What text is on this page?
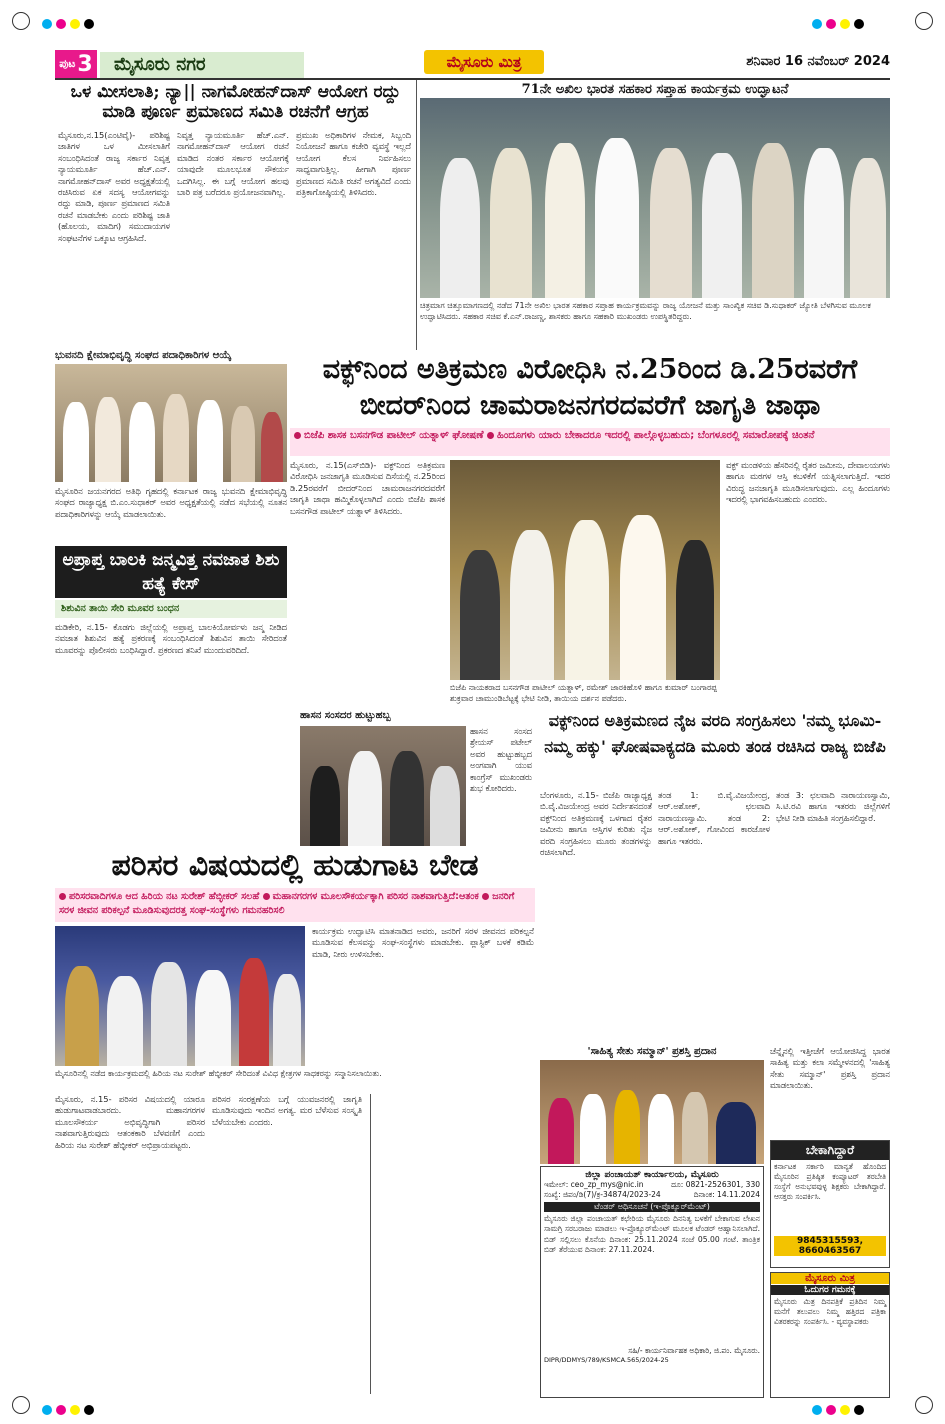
ಪುಟ 3	ಮೈಸೂರು ನಗರ	ಮೈಸೂರು ಮಿತ್ರ	ಶನಿವಾರ 16 ನವೆಂಬರ್ 2024
ಒಳ ಮೀಸಲಾತಿ; ನ್ಯಾ|| ನಾಗಮೋಹನ್‌ದಾಸ್ ಆಯೋಗ ರದ್ದು ಮಾಡಿ ಪೂರ್ಣ ಪ್ರಮಾಣದ ಸಮಿತಿ ರಚನೆಗೆ ಆಗ್ರಹ
ಮೈಸೂರು,ನ.15(ಎಂಟಿವೈ)- ಪರಿಶಿಷ್ಟ ಜಾತಿಗಳ ಒಳ ಮೀಸಲಾತಿಗೆ ಸಂಬಂಧಿಸಿದಂತೆ ರಾಜ್ಯ ಸರ್ಕಾರ ನಿವೃತ್ತ ನ್ಯಾಯಮೂರ್ತಿ ಹೆಚ್.ಎನ್. ನಾಗಮೋಹನ್‌ದಾಸ್ ಅವರ ಅಧ್ಯಕ್ಷತೆಯಲ್ಲಿ ರಚಿಸಿರುವ ಏಕ ಸದಸ್ಯ ಆಯೋಗವನ್ನು ರದ್ದು ಮಾಡಿ, ಪೂರ್ಣ ಪ್ರಮಾಣದ ಸಮಿತಿ ರಚನೆ ಮಾಡಬೇಕು ಎಂದು ಪರಿಶಿಷ್ಟ ಜಾತಿ (ಹೊಲಯ, ಮಾದಿಗ) ಸಮುದಾಯಗಳ ಸಂಘಟನೆಗಳ ಒಕ್ಕೂಟ ಆಗ್ರಹಿಸಿದೆ.
ನಿವೃತ್ತ ನ್ಯಾಯಮೂರ್ತಿ ಹೆಚ್.ಎನ್. ನಾಗಮೋಹನ್‌ದಾಸ್ ಆಯೋಗ ರಚನೆ ಮಾಡಿದ ನಂತರ ಸರ್ಕಾರ ಆಯೋಗಕ್ಕೆ ಯಾವುದೇ ಮೂಲಭೂತ ಸೌಕರ್ಯ ಒದಗಿಸಿಲ್ಲ. ಈ ಬಗ್ಗೆ ಆಯೋಗ ಹಲವು ಬಾರಿ ಪತ್ರ ಬರೆದರೂ ಪ್ರಯೋಜನವಾಗಿಲ್ಲ.
ಪ್ರಮುಖ ಅಧಿಕಾರಿಗಳ ನೇಮಕ, ಸಿಬ್ಬಂದಿ ನಿಯೋಜನೆ ಹಾಗೂ ಕಚೇರಿ ವ್ಯವಸ್ಥೆ ಇಲ್ಲದೆ ಆಯೋಗ ಕೆಲಸ ನಿರ್ವಹಿಸಲು ಸಾಧ್ಯವಾಗುತ್ತಿಲ್ಲ. ಹೀಗಾಗಿ ಪೂರ್ಣ ಪ್ರಮಾಣದ ಸಮಿತಿ ರಚನೆ ಅಗತ್ಯವಿದೆ ಎಂದು ಪತ್ರಿಕಾಗೋಷ್ಠಿಯಲ್ಲಿ ತಿಳಿಸಿದರು.
71ನೇ ಅಖಿಲ ಭಾರತ ಸಹಕಾರ ಸಪ್ತಾಹ ಕಾರ್ಯಕ್ರಮ ಉದ್ಘಾಟನೆ
ಚಿತ್ರಮಾಗ ಚಿತ್ತೂಮಾಗಣದಲ್ಲಿ ನಡೆದ 71ನೇ ಅಖಿಲ ಭಾರತ ಸಹಕಾರ ಸಪ್ತಾಹ ಕಾರ್ಯಕ್ರಮವನ್ನು ರಾಜ್ಯ ಯೋಜನೆ ಮತ್ತು ಸಾಂಖ್ಯಿಕ ಸಚಿವ ಡಿ.ಸುಧಾಕರ್ ಜ್ಯೋತಿ ಬೆಳಗಿಸುವ ಮೂಲಕ ಉದ್ಘಾಟಿಸಿದರು. ಸಹಕಾರ ಸಚಿವ ಕೆ.ಎನ್.ರಾಜಣ್ಣ, ಶಾಸಕರು ಹಾಗೂ ಸಹಕಾರಿ ಮುಖಂಡರು ಉಪಸ್ಥಿತರಿದ್ದರು.
ಭುವನದಿ ಕ್ಷೇಮಾಭಿವೃದ್ಧಿ ಸಂಘದ ಪದಾಧಿಕಾರಿಗಳ ಆಯ್ಕೆ
ಮೈಸೂರಿನ ಜಯನಗರದ ಅತಿಥಿ ಗೃಹದಲ್ಲಿ ಕರ್ನಾಟಕ ರಾಜ್ಯ ಭುವನದಿ ಕ್ಷೇಮಾಭಿವೃದ್ಧಿ ಸಂಘದ ರಾಜ್ಯಾಧ್ಯಕ್ಷ ಬಿ.ಎಂ.ಸುಧಾಕರ್ ಅವರ ಅಧ್ಯಕ್ಷತೆಯಲ್ಲಿ ನಡೆದ ಸಭೆಯಲ್ಲಿ ನೂತನ ಪದಾಧಿಕಾರಿಗಳನ್ನು ಆಯ್ಕೆ ಮಾಡಲಾಯಿತು.
ವಕ್ಫ್‌ನಿಂದ ಅತಿಕ್ರಮಣ ವಿರೋಧಿಸಿ ನ.25ರಿಂದ ಡಿ.25ರವರೆಗೆ ಬೀದರ್‌ನಿಂದ ಚಾಮರಾಜನಗರದವರೆಗೆ ಜಾಗೃತಿ ಜಾಥಾ
ಬಿಜೆಪಿ ಶಾಸಕ ಬಸನಗೌಡ ಪಾಟೀಲ್ ಯತ್ನಾಳ್ ಘೋಷಣೆ ಹಿಂದೂಗಳು ಯಾರು ಬೇಕಾದರೂ ಇದರಲ್ಲಿ ಪಾಲ್ಗೊಳ್ಳಬಹುದು; ಬೆಂಗಳೂರಲ್ಲಿ ಸಮಾರೋಪಕ್ಕೆ ಚಿಂತನೆ
ಮೈಸೂರು, ನ.15(ಎಸ್‌ಬಿಡಿ)- ವಕ್ಫ್‌ನಿಂದ ಅತಿಕ್ರಮಣ ವಿರೋಧಿಸಿ ಜನಜಾಗೃತಿ ಮೂಡಿಸುವ ದಿಸೆಯಲ್ಲಿ ನ.25ರಿಂದ ಡಿ.25ರವರೆಗೆ ಬೀದರ್‌ನಿಂದ ಚಾಮರಾಜನಗರದವರೆಗೆ ಜಾಗೃತಿ ಜಾಥಾ ಹಮ್ಮಿಕೊಳ್ಳಲಾಗಿದೆ ಎಂದು ಬಿಜೆಪಿ ಶಾಸಕ ಬಸನಗೌಡ ಪಾಟೀಲ್ ಯತ್ನಾಳ್ ತಿಳಿಸಿದರು.
ಬಿಜೆಪಿ ನಾಯಕರಾದ ಬಸನಗೌಡ ಪಾಟೀಲ್ ಯತ್ನಾಳ್, ರಮೇಶ್ ಜಾರಕಿಹೊಳಿ ಹಾಗೂ ಕುಮಾರ್ ಬಂಗಾರಪ್ಪ ಶುಕ್ರವಾರ ಚಾಮುಂಡಿಬೆಟ್ಟಕ್ಕೆ ಭೇಟಿ ನೀಡಿ, ತಾಯಿಯ ದರ್ಶನ ಪಡೆದರು.
ವಕ್ಫ್ ಮಂಡಳಿಯ ಹೆಸರಿನಲ್ಲಿ ರೈತರ ಜಮೀನು, ದೇವಾಲಯಗಳು ಹಾಗೂ ಮಠಗಳ ಆಸ್ತಿ ಕಬಳಿಕೆಗೆ ಯತ್ನಿಸಲಾಗುತ್ತಿದೆ. ಇದರ ವಿರುದ್ಧ ಜನಜಾಗೃತಿ ಮೂಡಿಸಲಾಗುವುದು. ಎಲ್ಲ ಹಿಂದೂಗಳು ಇದರಲ್ಲಿ ಭಾಗವಹಿಸಬಹುದು ಎಂದರು.
ಅಪ್ರಾಪ್ತ ಬಾಲಕಿ ಜನ್ಮವಿತ್ತ ನವಜಾತ ಶಿಶು ಹತ್ಯೆ ಕೇಸ್
ಶಿಶುವಿನ ತಾಯಿ ಸೇರಿ ಮೂವರ ಬಂಧನ
ಮಡಿಕೇರಿ, ನ.15- ಕೊಡಗು ಜಿಲ್ಲೆಯಲ್ಲಿ ಅಪ್ರಾಪ್ತ ಬಾಲಕಿಯೋರ್ವಳು ಜನ್ಮ ನೀಡಿದ ನವಜಾತ ಶಿಶುವಿನ ಹತ್ಯೆ ಪ್ರಕರಣಕ್ಕೆ ಸಂಬಂಧಿಸಿದಂತೆ ಶಿಶುವಿನ ತಾಯಿ ಸೇರಿದಂತೆ ಮೂವರನ್ನು ಪೊಲೀಸರು ಬಂಧಿಸಿದ್ದಾರೆ. ಪ್ರಕರಣದ ತನಿಖೆ ಮುಂದುವರಿದಿದೆ.
ಹಾಸನ ಸಂಸದರ ಹುಟ್ಟುಹಬ್ಬ
ಹಾಸನ ಸಂಸದ ಶ್ರೇಯಸ್ ಪಟೇಲ್ ಅವರ ಹುಟ್ಟುಹಬ್ಬದ ಅಂಗವಾಗಿ ಯುವ ಕಾಂಗ್ರೆಸ್ ಮುಖಂಡರು ಶುಭ ಕೋರಿದರು.
ವಕ್ಫ್‌ನಿಂದ ಅತಿಕ್ರಮಣದ ನೈಜ ವರದಿ ಸಂಗ್ರಹಿಸಲು 'ನಮ್ಮ ಭೂಮಿ- ನಮ್ಮ ಹಕ್ಕು' ಘೋಷವಾಕ್ಯದಡಿ ಮೂರು ತಂಡ ರಚಿಸಿದ ರಾಜ್ಯ ಬಿಜೆಪಿ
ಬೆಂಗಳೂರು, ನ.15- ಬಿಜೆಪಿ ರಾಜ್ಯಾಧ್ಯಕ್ಷ ಬಿ.ವೈ.ವಿಜಯೇಂದ್ರ ಅವರ ನಿರ್ದೇಶನದಂತೆ ವಕ್ಫ್‌ನಿಂದ ಅತಿಕ್ರಮಣಕ್ಕೆ ಒಳಗಾದ ರೈತರ ಜಮೀನು ಹಾಗೂ ಆಸ್ತಿಗಳ ಕುರಿತು ನೈಜ ವರದಿ ಸಂಗ್ರಹಿಸಲು ಮೂರು ತಂಡಗಳನ್ನು ರಚಿಸಲಾಗಿದೆ.
ತಂಡ 1: ಬಿ.ವೈ.ವಿಜಯೇಂದ್ರ, ಆರ್.ಅಶೋಕ್, ಛಲವಾದಿ ನಾರಾಯಣಸ್ವಾಮಿ. ತಂಡ 2: ಆರ್.ಅಶೋಕ್, ಗೋವಿಂದ ಕಾರಜೋಳ ಹಾಗೂ ಇತರರು.
ತಂಡ 3: ಛಲವಾದಿ ನಾರಾಯಣಸ್ವಾಮಿ, ಸಿ.ಟಿ.ರವಿ ಹಾಗೂ ಇತರರು ಜಿಲ್ಲೆಗಳಿಗೆ ಭೇಟಿ ನೀಡಿ ಮಾಹಿತಿ ಸಂಗ್ರಹಿಸಲಿದ್ದಾರೆ.
ಪರಿಸರ ವಿಷಯದಲ್ಲಿ ಹುಡುಗಾಟ ಬೇಡ
ಪರಿಸರವಾದಿಗಳೂ ಆದ ಹಿರಿಯ ನಟ ಸುರೇಶ್ ಹೆಬ್ಳೀಕರ್ ಸಲಹೆ ಮಹಾನಗರಗಳ ಮೂಲಸೌಕರ್ಯಕ್ಕಾಗಿ ಪರಿಸರ ನಾಶವಾಗುತ್ತಿದೆ:ಆತಂಕ ಜನರಿಗೆ ಸರಳ ಜೀವನ ಪರಿಕಲ್ಪನೆ ಮೂಡಿಸುವುದರತ್ತ ಸಂಘ-ಸಂಸ್ಥೆಗಳು ಗಮನಹರಿಸಲಿ
ಕಾರ್ಯಕ್ರಮ ಉದ್ಘಾಟಿಸಿ ಮಾತನಾಡಿದ ಅವರು, ಜನರಿಗೆ ಸರಳ ಜೀವನದ ಪರಿಕಲ್ಪನೆ ಮೂಡಿಸುವ ಕೆಲಸವನ್ನು ಸಂಘ-ಸಂಸ್ಥೆಗಳು ಮಾಡಬೇಕು. ಪ್ಲಾಸ್ಟಿಕ್ ಬಳಕೆ ಕಡಿಮೆ ಮಾಡಿ, ನೀರು ಉಳಿಸಬೇಕು.
ಮೈಸೂರಿನಲ್ಲಿ ನಡೆದ ಕಾರ್ಯಕ್ರಮದಲ್ಲಿ ಹಿರಿಯ ನಟ ಸುರೇಶ್ ಹೆಬ್ಳೀಕರ್ ಸೇರಿದಂತೆ ವಿವಿಧ ಕ್ಷೇತ್ರಗಳ ಸಾಧಕರನ್ನು ಸನ್ಮಾನಿಸಲಾಯಿತು.
ಮೈಸೂರು, ನ.15- ಪರಿಸರ ವಿಷಯದಲ್ಲಿ ಯಾರೂ ಹುಡುಗಾಟವಾಡಬಾರದು. ಮಹಾನಗರಗಳ ಮೂಲಸೌಕರ್ಯ ಅಭಿವೃದ್ಧಿಗಾಗಿ ಪರಿಸರ ನಾಶವಾಗುತ್ತಿರುವುದು ಆತಂಕಕಾರಿ ಬೆಳವಣಿಗೆ ಎಂದು ಹಿರಿಯ ನಟ ಸುರೇಶ್ ಹೆಬ್ಳೀಕರ್ ಅಭಿಪ್ರಾಯಪಟ್ಟರು.
ಪರಿಸರ ಸಂರಕ್ಷಣೆಯ ಬಗ್ಗೆ ಯುವಜನರಲ್ಲಿ ಜಾಗೃತಿ ಮೂಡಿಸುವುದು ಇಂದಿನ ಅಗತ್ಯ. ಮರ ಬೆಳೆಸುವ ಸಂಸ್ಕೃತಿ ಬೆಳೆಯಬೇಕು ಎಂದರು.
'ಸಾಹಿತ್ಯ ಸೇತು ಸಮ್ಮಾನ್' ಪ್ರಶಸ್ತಿ ಪ್ರದಾನ	ಚೆನ್ನೈನಲ್ಲಿ ಇತ್ತೀಚೆಗೆ ಆಯೋಜಿಸಿದ್ದ ಭಾರತ ಸಾಹಿತ್ಯ ಮತ್ತು ಕಲಾ ಸಮ್ಮೇಳನದಲ್ಲಿ 'ಸಾಹಿತ್ಯ ಸೇತು ಸಮ್ಮಾನ್' ಪ್ರಶಸ್ತಿ ಪ್ರದಾನ ಮಾಡಲಾಯಿತು.
ಜಿಲ್ಲಾ ಪಂಚಾಯತ್ ಕಾರ್ಯಾಲಯ, ಮೈಸೂರು
ಇಮೇಲ್: ceo_zp_mys@nic.in	ದೂ: 0821-2526301, 330
ಸಂಖ್ಯೆ: ಜಿಪಂ/ಡಿ(7)/ಕ್ರ-34874/2023-24	ದಿನಾಂಕ: 14.11.2024
ಟೆಂಡರ್ ಅಧಿಸೂಚನೆ (ಇ-ಪ್ರೊಕ್ಯೂರ್‌ಮೆಂಟ್)
ಮೈಸೂರು ಜಿಲ್ಲಾ ಪಂಚಾಯತ್ ಕಛೇರಿಯ ಮೈಸೂರು ದಿನನಿತ್ಯ ಬಳಕೆಗೆ ಬೇಕಾಗುವ ಲೇಖನ ಸಾಮಗ್ರಿ ಸರಬರಾಜು ಮಾಡಲು ಇ-ಪ್ರೊಕ್ಯೂರ್‌ಮೆಂಟ್ ಮೂಲಕ ಟೆಂಡರ್ ಆಹ್ವಾನಿಸಲಾಗಿದೆ. ಬಿಡ್ ಸಲ್ಲಿಸಲು ಕೊನೆಯ ದಿನಾಂಕ: 25.11.2024 ಸಂಜೆ 05.00 ಗಂಟೆ. ತಾಂತ್ರಿಕ ಬಿಡ್ ತೆರೆಯುವ ದಿನಾಂಕ: 27.11.2024.
ಸಹಿ/- ಕಾರ್ಯನಿರ್ವಾಹಕ ಅಧಿಕಾರಿ, ಜಿ.ಪಂ. ಮೈಸೂರು.
DIPR/DDMYS/789/KSMCA.565/2024-25
ಬೇಕಾಗಿದ್ದಾರೆ
ಕರ್ನಾಟಕ ಸರ್ಕಾರಿ ಮಾನ್ಯತೆ ಹೊಂದಿದ ಮೈಸೂರಿನ ಪ್ರತಿಷ್ಠಿತ ಕಂಪ್ಯೂಟರ್ ತರಬೇತಿ ಸಂಸ್ಥೆಗೆ ಅನುಭವವುಳ್ಳ ಶಿಕ್ಷಕರು ಬೇಕಾಗಿದ್ದಾರೆ. ಆಸಕ್ತರು ಸಂಪರ್ಕಿಸಿ.
9845315593, 8660463567
ಮೈಸೂರು ಮಿತ್ರ
ಓದುಗರ ಗಮನಕ್ಕೆ
ಮೈಸೂರು ಮಿತ್ರ ದಿನಪತ್ರಿಕೆ ಪ್ರತಿದಿನ ನಿಮ್ಮ ಮನೆಗೆ ತಲುಪಲು ನಿಮ್ಮ ಹತ್ತಿರದ ಪತ್ರಿಕಾ ವಿತರಕರನ್ನು ಸಂಪರ್ಕಿಸಿ. - ವ್ಯವಸ್ಥಾಪಕರು
